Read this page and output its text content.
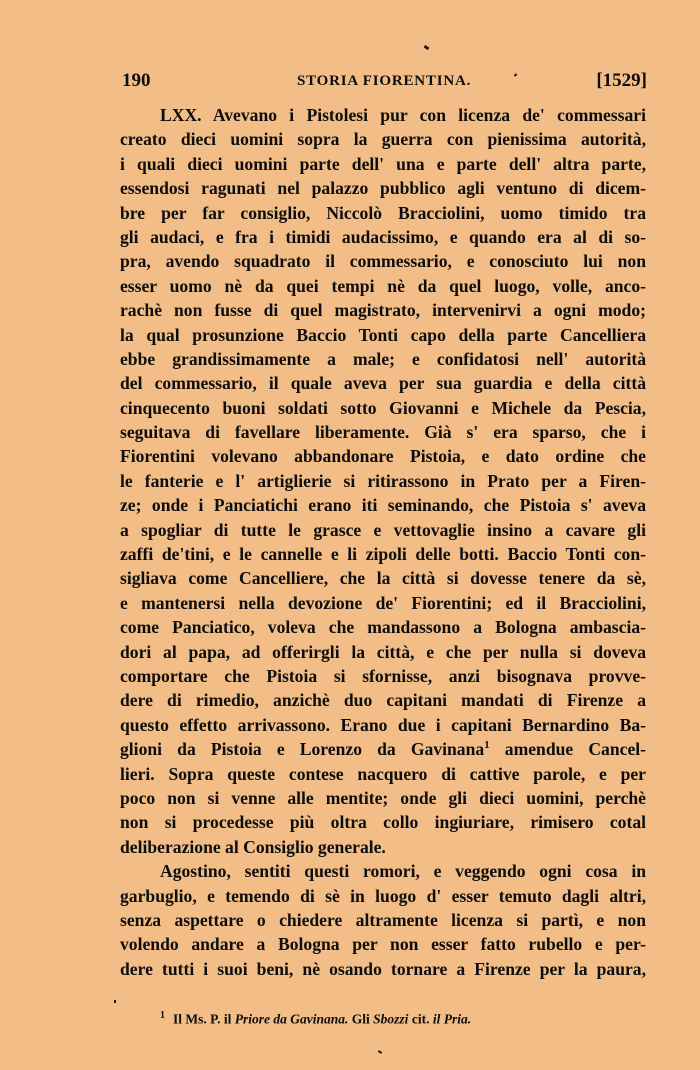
190	STORIA FIORENTINA.	[1529]
LXX. Avevano i Pistolesi pur con licenza de' commessari
creato dieci uomini sopra la guerra con pienissima autorità,
i quali dieci uomini parte dell' una e parte dell' altra parte,
essendosi ragunati nel palazzo pubblico agli ventuno di dicem-
bre per far consiglio, Niccolò Bracciolini, uomo timido tra
gli audaci, e fra i timidi audacissimo, e quando era al di so-
pra, avendo squadrato il commessario, e conosciuto lui non
esser uomo nè da quei tempi nè da quel luogo, volle, anco-
rachè non fusse di quel magistrato, intervenirvi a ogni modo;
la qual prosunzione Baccio Tonti capo della parte Cancelliera
ebbe grandissimamente a male; e confidatosi nell' autorità
del commessario, il quale aveva per sua guardia e della città
cinquecento buoni soldati sotto Giovanni e Michele da Pescia,
seguitava di favellare liberamente. Già s' era sparso, che i
Fiorentini volevano abbandonare Pistoia, e dato ordine che
le fanterie e l' artiglierie si ritirassono in Prato per a Firen-
ze; onde i Panciatichi erano iti seminando, che Pistoia s' aveva
a spogliar di tutte le grasce e vettovaglie insino a cavare gli
zaffi de'tini, e le cannelle e li zipoli delle botti. Baccio Tonti con-
sigliava come Cancelliere, che la città si dovesse tenere da sè,
e mantenersi nella devozione de' Fiorentini; ed il Bracciolini,
come Panciatico, voleva che mandassono a Bologna ambascia-
dori al papa, ad offerirgli la città, e che per nulla si doveva
comportare che Pistoia si sfornisse, anzi bisognava provve-
dere di rimedio, anzichè duo capitani mandati di Firenze a
questo effetto arrivassono. Erano due i capitani Bernardino Ba-
glioni da Pistoia e Lorenzo da Gavinana$^1$ amendue Cancel-
lieri. Sopra queste contese nacquero di cattive parole, e per
poco non si venne alle mentite; onde gli dieci uomini, perchè
non si procedesse più oltra collo ingiuriare, rimisero cotal
deliberazione al Consiglio generale.
Agostino, sentiti questi romori, e veggendo ogni cosa in
garbuglio, e temendo di sè in luogo d' esser temuto dagli altri,
senza aspettare o chiedere altramente licenza si partì, e non
volendo andare a Bologna per non esser fatto rubello e per-
dere tutti i suoi beni, nè osando tornare a Firenze per la paura,
$^1$ Il Ms. P. il Priore da Gavinana. Gli Sbozzi cit. il Pria.
